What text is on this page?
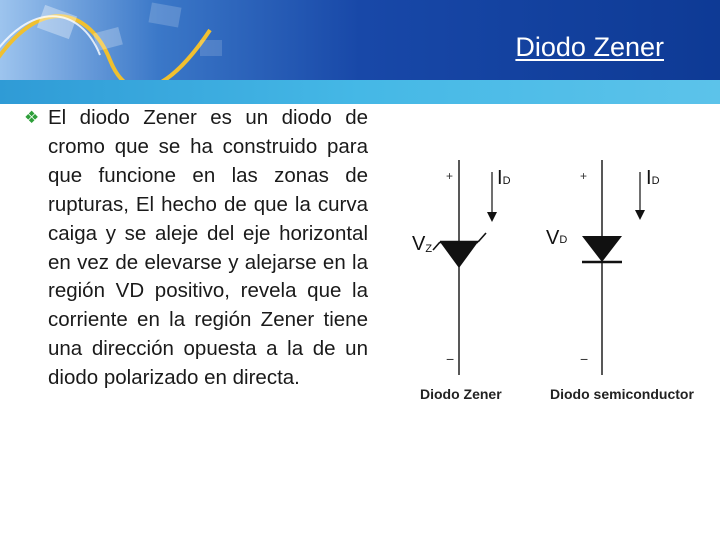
Diodo Zener
❖ El diodo Zener es un diodo de cromo que se ha construido para que funcione en las zonas de rupturas, El hecho de que la curva caiga y se aleje del eje horizontal en vez de elevarse y alejarse en la región VD positivo, revela que la corriente en la región Zener tiene una dirección opuesta a la de un diodo polarizado en directa.
+
−
ID
VZ
Diodo Zener
+
−
ID
VD
Diodo semiconductor
